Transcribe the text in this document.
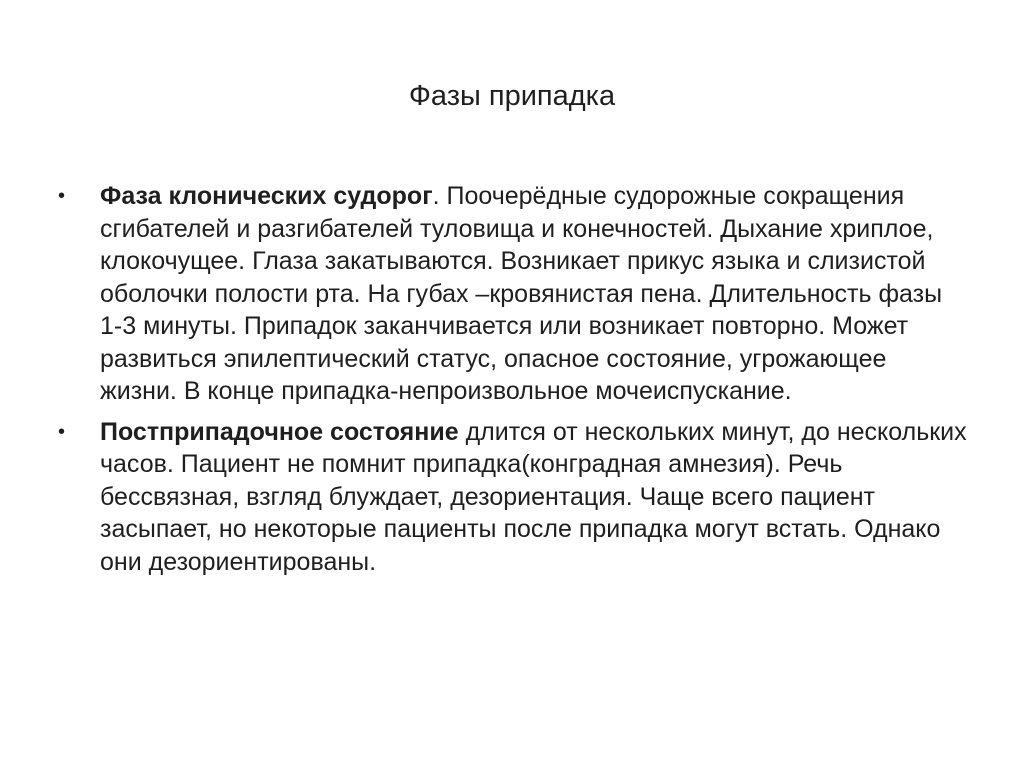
Фазы припадка
•	Фаза клонических судорог. Поочерёдные судорожные сокращения сгибателей и разгибателей туловища и конечностей. Дыхание хриплое, клокочущее. Глаза закатываются. Возникает прикус языка и слизистой оболочки полости рта. На губах –кровянистая пена. Длительность фазы 1-3 минуты. Припадок заканчивается или возникает повторно. Может развиться эпилептический статус, опасное состояние, угрожающее жизни. В конце припадка-непроизвольное мочеиспускание.
•	Постприпадочное состояние длится от нескольких минут, до нескольких часов. Пациент не помнит припадка(конградная амнезия). Речь бессвязная, взгляд блуждает, дезориентация. Чаще всего пациент засыпает, но некоторые пациенты после припадка могут встать. Однако они дезориентированы.
